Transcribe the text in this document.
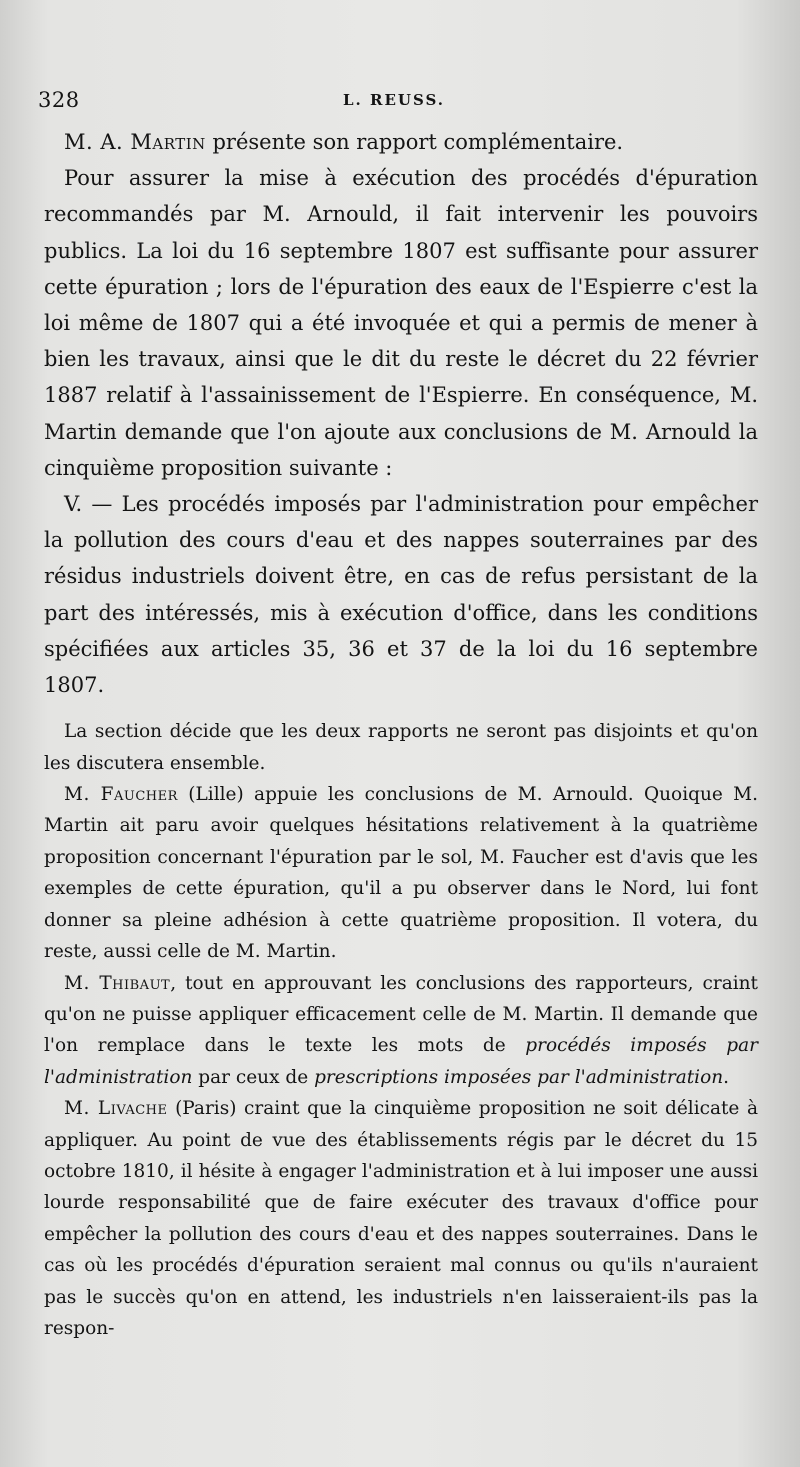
328	L. REUSS.

M. A. Martin présente son rapport complémentaire.

Pour assurer la mise à exécution des procédés d'épuration recommandés par M. Arnould, il fait intervenir les pouvoirs publics. La loi du 16 septembre 1807 est suffisante pour assurer cette épuration ; lors de l'épuration des eaux de l'Espierre c'est la loi même de 1807 qui a été invoquée et qui a permis de mener à bien les travaux, ainsi que le dit du reste le décret du 22 février 1887 relatif à l'assainissement de l'Espierre. En conséquence, M. Martin demande que l'on ajoute aux conclusions de M. Arnould la cinquième proposition suivante :

V. — Les procédés imposés par l'administration pour empêcher la pollution des cours d'eau et des nappes souterraines par des résidus industriels doivent être, en cas de refus persistant de la part des intéressés, mis à exécution d'office, dans les conditions spécifiées aux articles 35, 36 et 37 de la loi du 16 septembre 1807.

La section décide que les deux rapports ne seront pas disjoints et qu'on les discutera ensemble.

M. Faucher (Lille) appuie les conclusions de M. Arnould. Quoique M. Martin ait paru avoir quelques hésitations relativement à la quatrième proposition concernant l'épuration par le sol, M. Faucher est d'avis que les exemples de cette épuration, qu'il a pu observer dans le Nord, lui font donner sa pleine adhésion à cette quatrième proposition. Il votera, du reste, aussi celle de M. Martin.

M. Thibaut, tout en approuvant les conclusions des rapporteurs, craint qu'on ne puisse appliquer efficacement celle de M. Martin. Il demande que l'on remplace dans le texte les mots de procédés imposés par l'administration par ceux de prescriptions imposées par l'administration.

M. Livache (Paris) craint que la cinquième proposition ne soit délicate à appliquer. Au point de vue des établissements régis par le décret du 15 octobre 1810, il hésite à engager l'administration et à lui imposer une aussi lourde responsabilité que de faire exécuter des travaux d'office pour empêcher la pollution des cours d'eau et des nappes souterraines. Dans le cas où les procédés d'épuration seraient mal connus ou qu'ils n'auraient pas le succès qu'on en attend, les industriels n'en laisseraient-ils pas la respon-
